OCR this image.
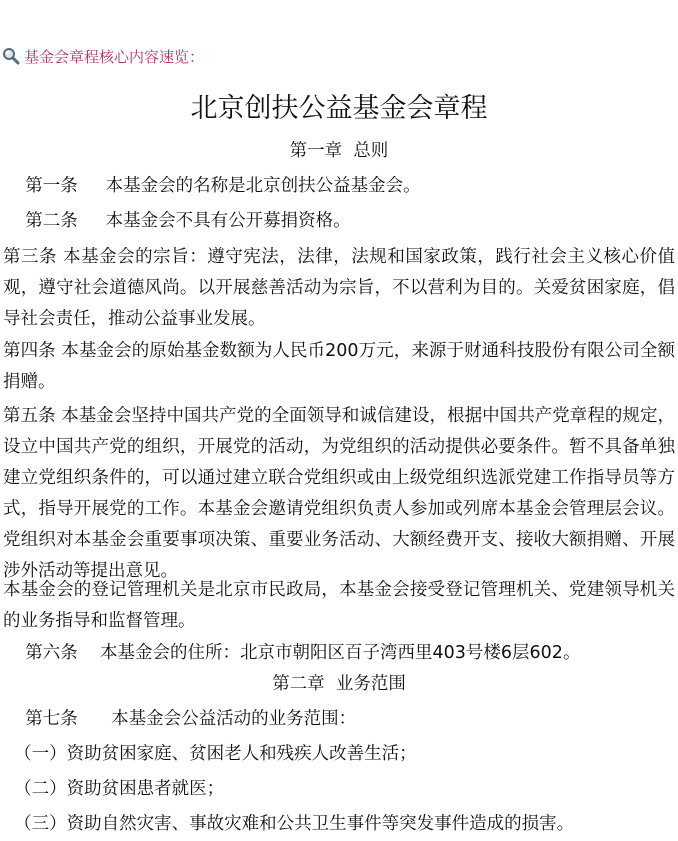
基金会章程核心内容速览：
北京创扶公益基金会章程
第一章  总则
第一条     本基金会的名称是北京创扶公益基金会。
第二条     本基金会不具有公开募捐资格。
第三条 本基金会的宗旨：遵守宪法，法律，法规和国家政策，践行社会主义核心价值观，遵守社会道德风尚。以开展慈善活动为宗旨，不以营利为目的。关爱贫困家庭，倡导社会责任，推动公益事业发展。
第四条 本基金会的原始基金数额为人民币200万元，来源于财通科技股份有限公司全额捐赠。
第五条 本基金会坚持中国共产党的全面领导和诚信建设，根据中国共产党章程的规定，设立中国共产党的组织，开展党的活动，为党组织的活动提供必要条件。暂不具备单独建立党组织条件的，可以通过建立联合党组织或由上级党组织选派党建工作指导员等方式，指导开展党的工作。本基金会邀请党组织负责人参加或列席本基金会管理层会议。党组织对本基金会重要事项决策、重要业务活动、大额经费开支、接收大额捐赠、开展涉外活动等提出意见。
本基金会的登记管理机关是北京市民政局，本基金会接受登记管理机关、党建领导机关的业务指导和监督管理。
第六条    本基金会的住所：北京市朝阳区百子湾西里403号楼6层602。
第二章  业务范围
第七条      本基金会公益活动的业务范围：
（一）资助贫困家庭、贫困老人和残疾人改善生活；
（二）资助贫困患者就医；
（三）资助自然灾害、事故灾难和公共卫生事件等突发事件造成的损害。
